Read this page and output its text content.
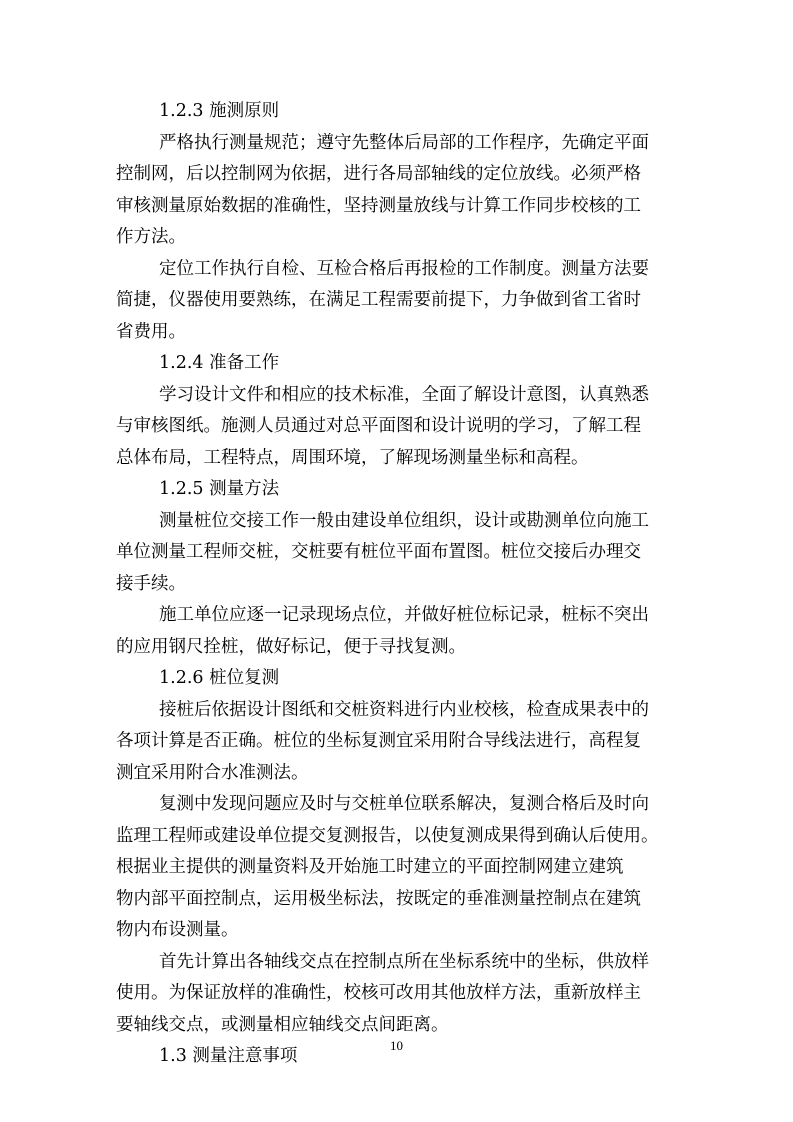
1.2.3 施测原则
严格执行测量规范；遵守先整体后局部的工作程序，先确定平面
控制网，后以控制网为依据，进行各局部轴线的定位放线。必须严格
审核测量原始数据的准确性，坚持测量放线与计算工作同步校核的工
作方法。
定位工作执行自检、互检合格后再报检的工作制度。测量方法要
简捷，仪器使用要熟练，在满足工程需要前提下，力争做到省工省时
省费用。
1.2.4 准备工作
学习设计文件和相应的技术标准，全面了解设计意图，认真熟悉
与审核图纸。施测人员通过对总平面图和设计说明的学习，了解工程
总体布局，工程特点，周围环境，了解现场测量坐标和高程。
1.2.5 测量方法
测量桩位交接工作一般由建设单位组织，设计或勘测单位向施工
单位测量工程师交桩，交桩要有桩位平面布置图。桩位交接后办理交
接手续。
施工单位应逐一记录现场点位，并做好桩位标记录，桩标不突出
的应用钢尺拴桩，做好标记，便于寻找复测。
1.2.6 桩位复测
接桩后依据设计图纸和交桩资料进行内业校核，检查成果表中的
各项计算是否正确。桩位的坐标复测宜采用附合导线法进行，高程复
测宜采用附合水准测法。
复测中发现问题应及时与交桩单位联系解决，复测合格后及时向
监理工程师或建设单位提交复测报告，以使复测成果得到确认后使用。
根据业主提供的测量资料及开始施工时建立的平面控制网建立建筑
物内部平面控制点，运用极坐标法，按既定的垂准测量控制点在建筑
物内布设测量。
首先计算出各轴线交点在控制点所在坐标系统中的坐标，供放样
使用。为保证放样的准确性，校核可改用其他放样方法，重新放样主
要轴线交点，或测量相应轴线交点间距离。
1.3 测量注意事项
10
